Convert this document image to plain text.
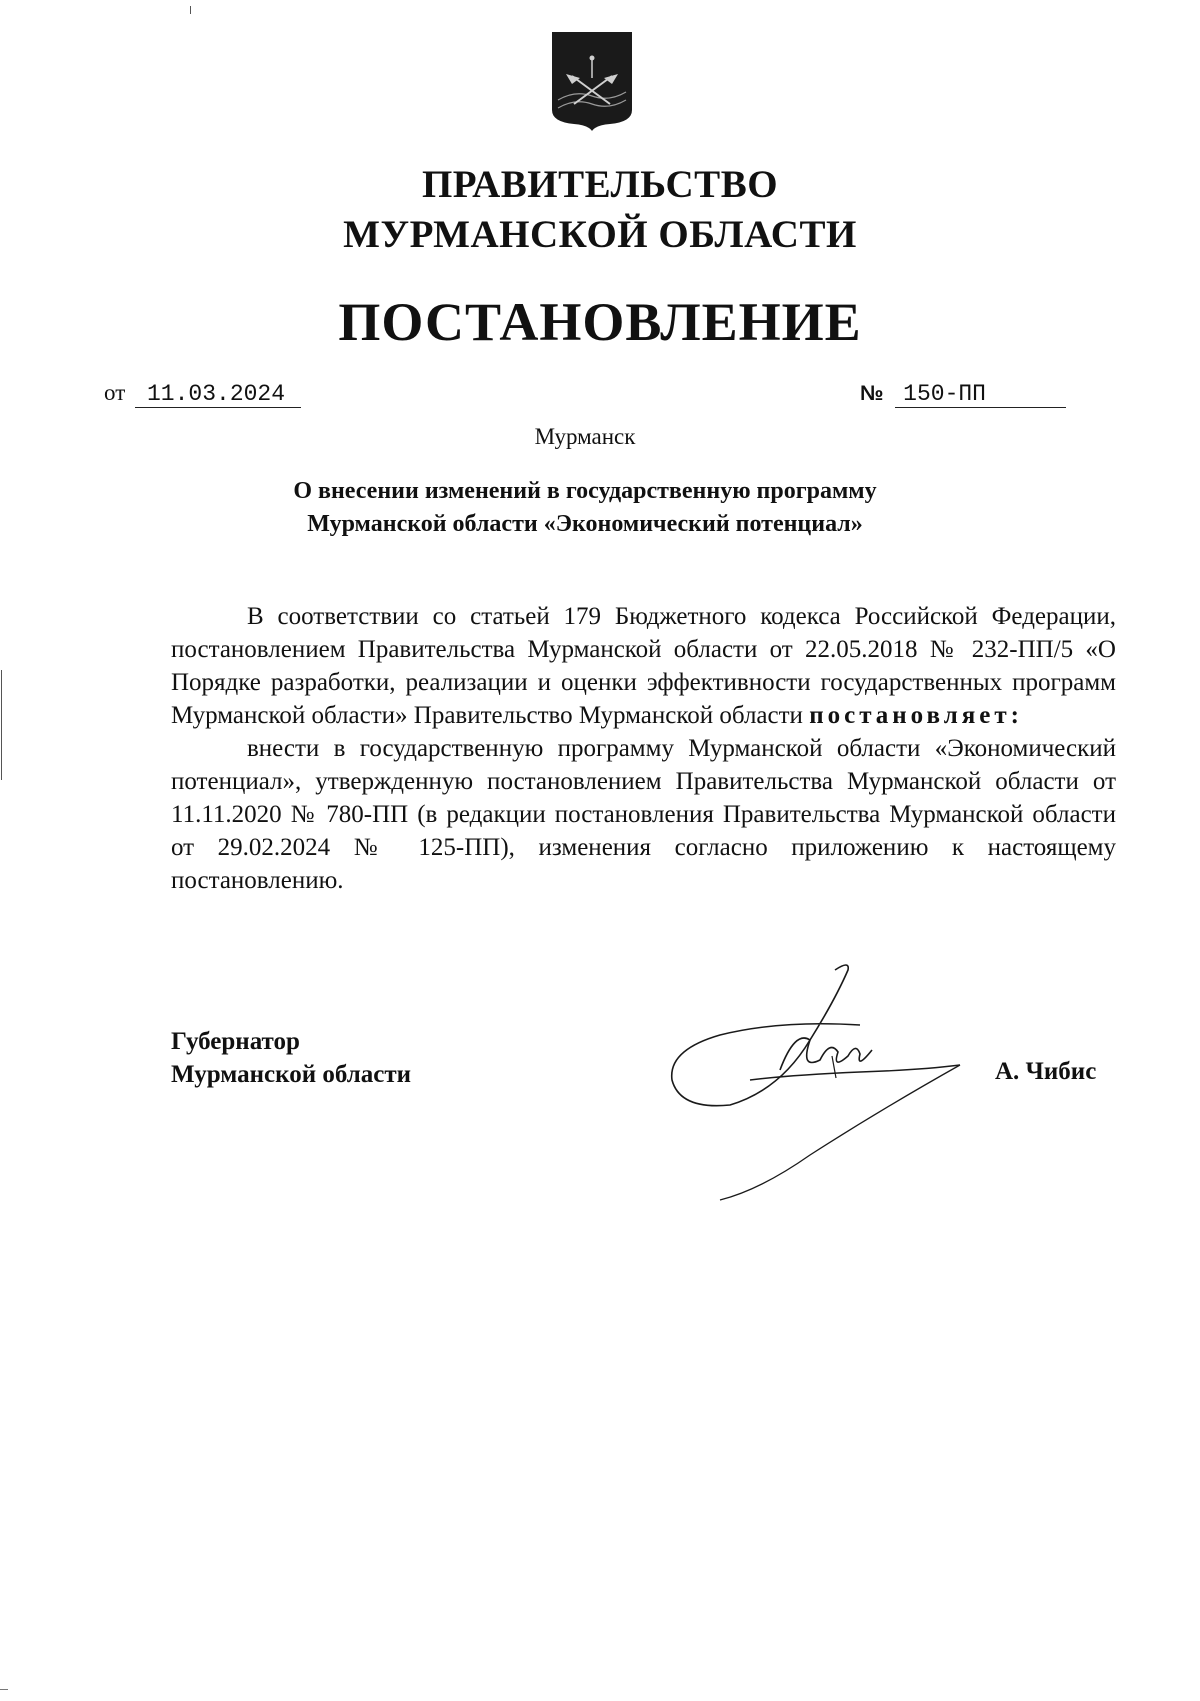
ПРАВИТЕЛЬСТВО
МУРМАНСКОЙ ОБЛАСТИ
ПОСТАНОВЛЕНИЕ
от 11.03.2024	№ 150-ПП
Мурманск
О внесении изменений в государственную программу
Мурманской области «Экономический потенциал»

В соответствии со статьей 179 Бюджетного кодекса Российской Федерации, постановлением Правительства Мурманской области от 22.05.2018 № 232-ПП/5 «О Порядке разработки, реализации и оценки эффективности государственных программ Мурманской области» Правительство Мурманской области постановляет:

внести в государственную программу Мурманской области «Экономический потенциал», утвержденную постановлением Правительства Мурманской области от 11.11.2020 № 780-ПП (в редакции постановления Правительства Мурманской области от 29.02.2024 № 125-ПП), изменения согласно приложению к настоящему постановлению.

Губернатор
Мурманской области	А. Чибис
